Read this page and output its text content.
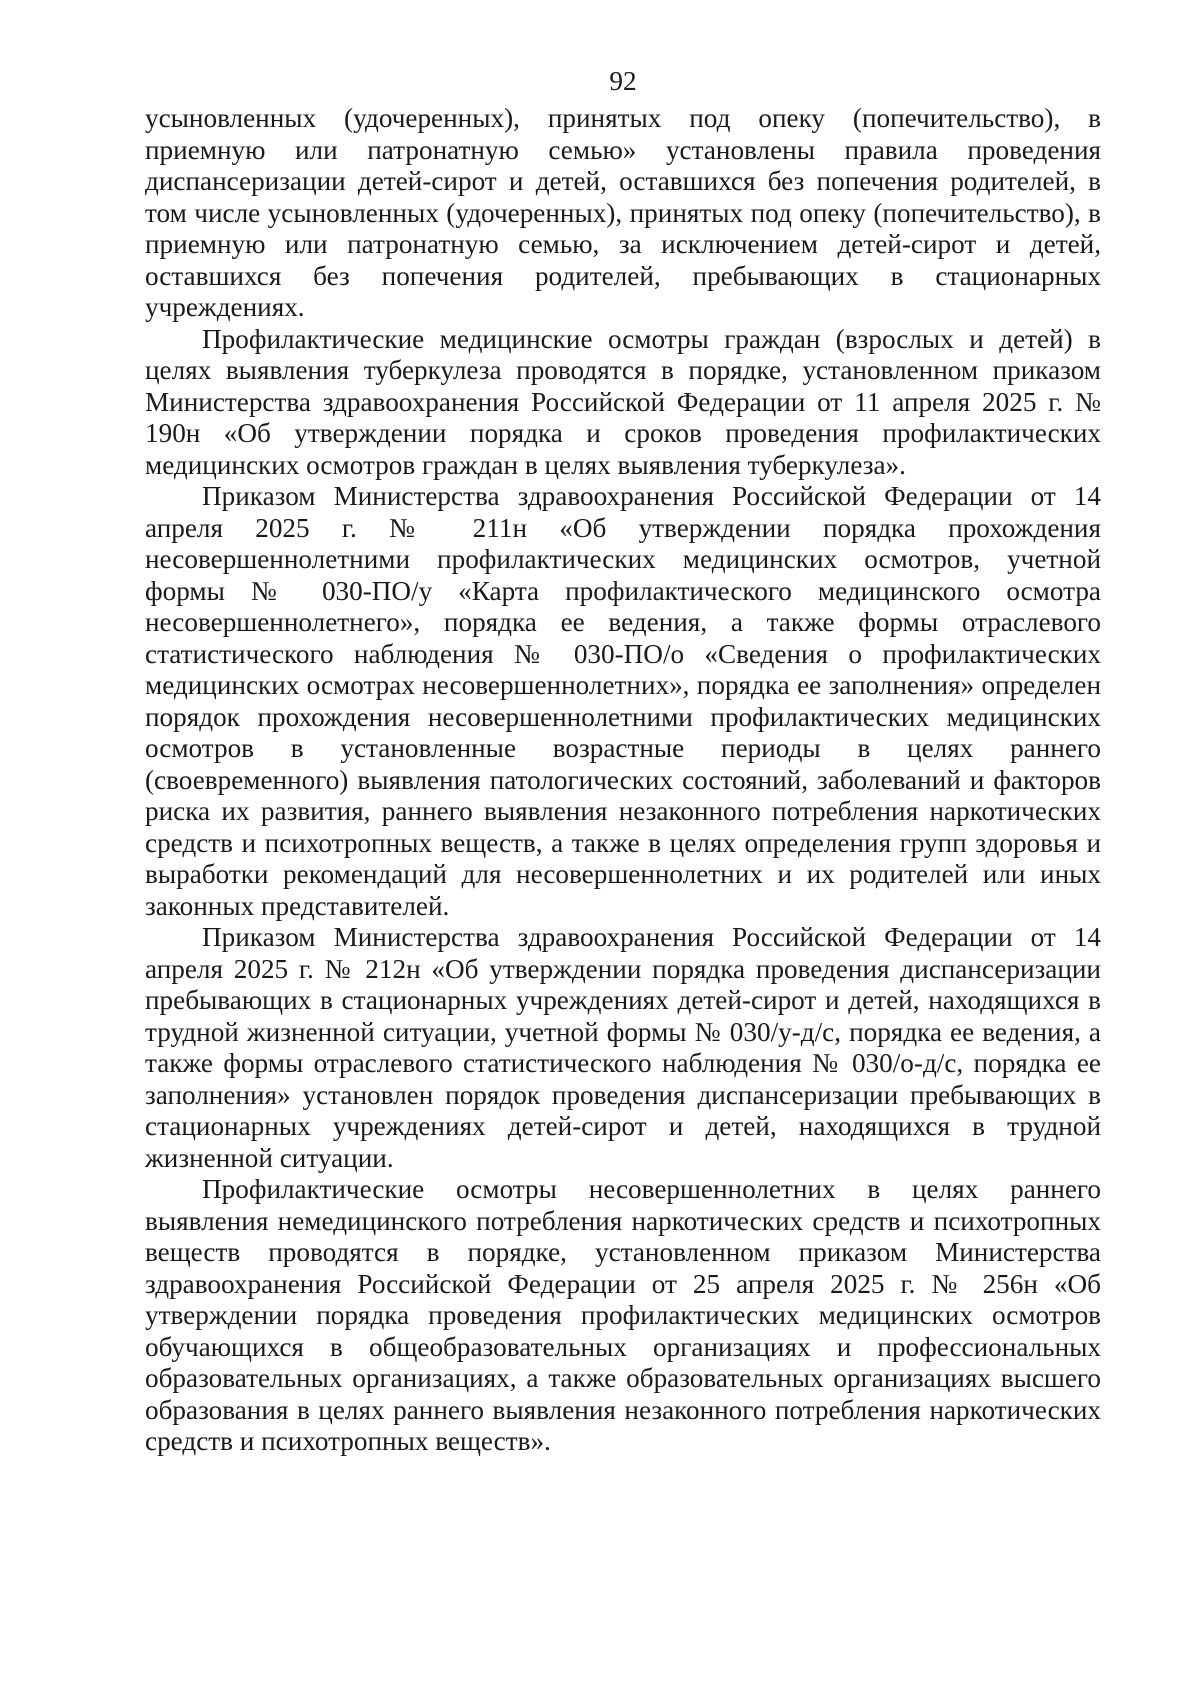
92

усыновленных (удочеренных), принятых под опеку (попечительство), в приемную или патронатную семью» установлены правила проведения диспансеризации детей-сирот и детей, оставшихся без попечения родителей, в том числе усыновленных (удочеренных), принятых под опеку (попечительство), в приемную или патронатную семью, за исключением детей-сирот и детей, оставшихся без попечения родителей, пребывающих в стационарных учреждениях.

Профилактические медицинские осмотры граждан (взрослых и детей) в целях выявления туберкулеза проводятся в порядке, установленном приказом Министерства здравоохранения Российской Федерации от 11 апреля 2025 г. № 190н «Об утверждении порядка и сроков проведения профилактических медицинских осмотров граждан в целях выявления туберкулеза».

Приказом Министерства здравоохранения Российской Федерации от 14 апреля 2025 г. № 211н «Об утверждении порядка прохождения несовершеннолетними профилактических медицинских осмотров, учетной формы № 030-ПО/у «Карта профилактического медицинского осмотра несовершеннолетнего», порядка ее ведения, а также формы отраслевого статистического наблюдения № 030-ПО/о «Сведения о профилактических медицинских осмотрах несовершеннолетних», порядка ее заполнения» определен порядок прохождения несовершеннолетними профилактических медицинских осмотров в установленные возрастные периоды в целях раннего (своевременного) выявления патологических состояний, заболеваний и факторов риска их развития, раннего выявления незаконного потребления наркотических средств и психотропных веществ, а также в целях определения групп здоровья и выработки рекомендаций для несовершеннолетних и их родителей или иных законных представителей.

Приказом Министерства здравоохранения Российской Федерации от 14 апреля 2025 г. № 212н «Об утверждении порядка проведения диспансеризации пребывающих в стационарных учреждениях детей-сирот и детей, находящихся в трудной жизненной ситуации, учетной формы № 030/у-д/с, порядка ее ведения, а также формы отраслевого статистического наблюдения № 030/о-д/с, порядка ее заполнения» установлен порядок проведения диспансеризации пребывающих в стационарных учреждениях детей-сирот и детей, находящихся в трудной жизненной ситуации.

Профилактические осмотры несовершеннолетних в целях раннего выявления немедицинского потребления наркотических средств и психотропных веществ проводятся в порядке, установленном приказом Министерства здравоохранения Российской Федерации от 25 апреля 2025 г. № 256н «Об утверждении порядка проведения профилактических медицинских осмотров обучающихся в общеобразовательных организациях и профессиональных образовательных организациях, а также образовательных организациях высшего образования в целях раннего выявления незаконного потребления наркотических средств и психотропных веществ».
